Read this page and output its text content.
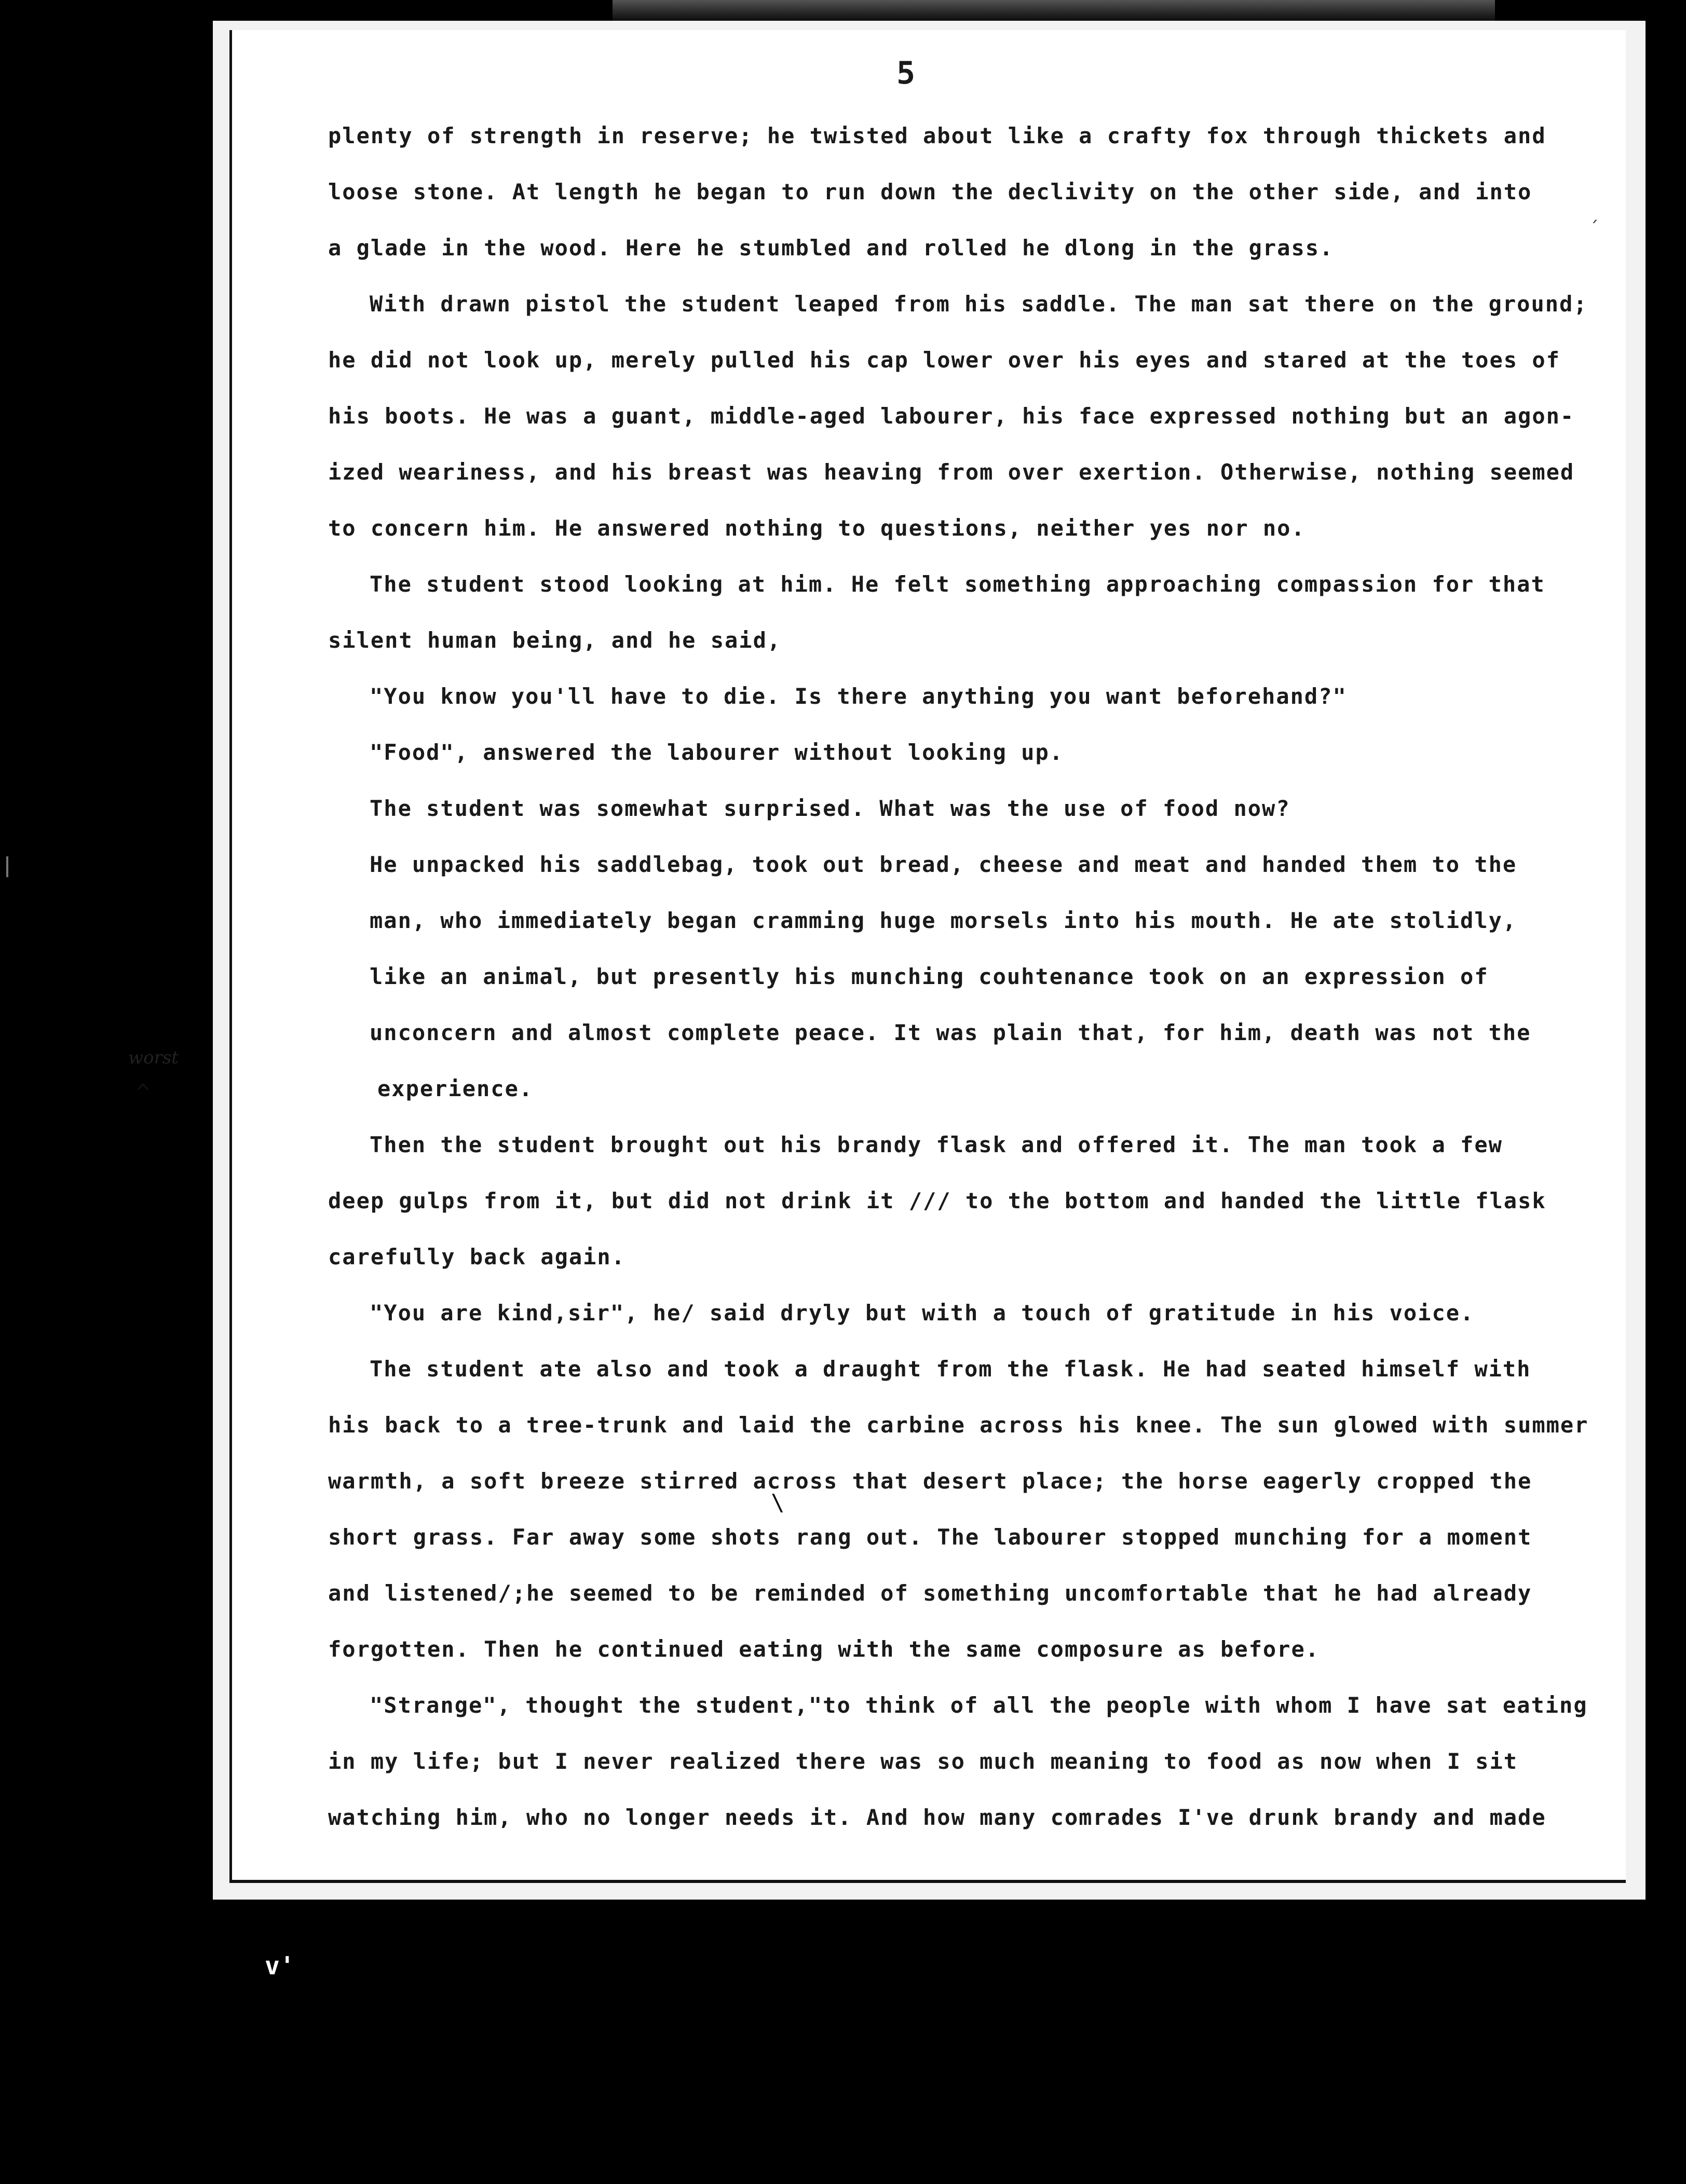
5
plenty of strength in reserve; he twisted about like a crafty fox through thickets and
loose stone. At length he began to run down the declivity on the other side, and into
a glade in the wood. Here he stumbled and rolled he dlong in the grass.
With drawn pistol the student leaped from his saddle. The man sat there on the ground;
he did not look up, merely pulled his cap lower over his eyes and stared at the toes of
his boots. He was a guant, middle-aged labourer, his face expressed nothing but an agon-
ized weariness, and his breast was heaving from over exertion. Otherwise, nothing seemed
to concern him. He answered nothing to questions, neither yes nor no.
The student stood looking at him. He felt something approaching compassion for that
silent human being, and he said,
"You know you'll have to die. Is there anything you want beforehand?"
"Food", answered the labourer without looking up.
The student was somewhat surprised. What was the use of food now?
He unpacked his saddlebag, took out bread, cheese and meat and handed them to the
man, who immediately began cramming huge morsels into his mouth. He ate stolidly,
like an animal, but presently his munching couhtenance took on an expression of
unconcern and almost complete peace. It was plain that, for him, death was not the
experience.
Then the student brought out his brandy flask and offered it. The man took a few
deep gulps from it, but did not drink it ∕∕∕ to the bottom and handed the little flask
carefully back again.
"You are kind,sir", he∕ said dryly but with a touch of gratitude in his voice.
The student ate also and took a draught from the flask. He had seated himself with
his back to a tree-trunk and laid the carbine across his knee. The sun glowed with summer
warmth, a soft breeze stirred across that desert place; the horse eagerly cropped the
short grass. Far away some shots rang out. The labourer stopped munching for a moment
and listened∕;he seemed to be reminded of something uncomfortable that he had already
forgotten. Then he continued eating with the same composure as before.
"Strange", thought the student,"to think of all the people with whom I have sat eating
in my life; but I never realized there was so much meaning to food as now when I sit
watching him, who no longer needs it. And how many comrades I've drunk brandy and made
worst
^
\
´
v'
